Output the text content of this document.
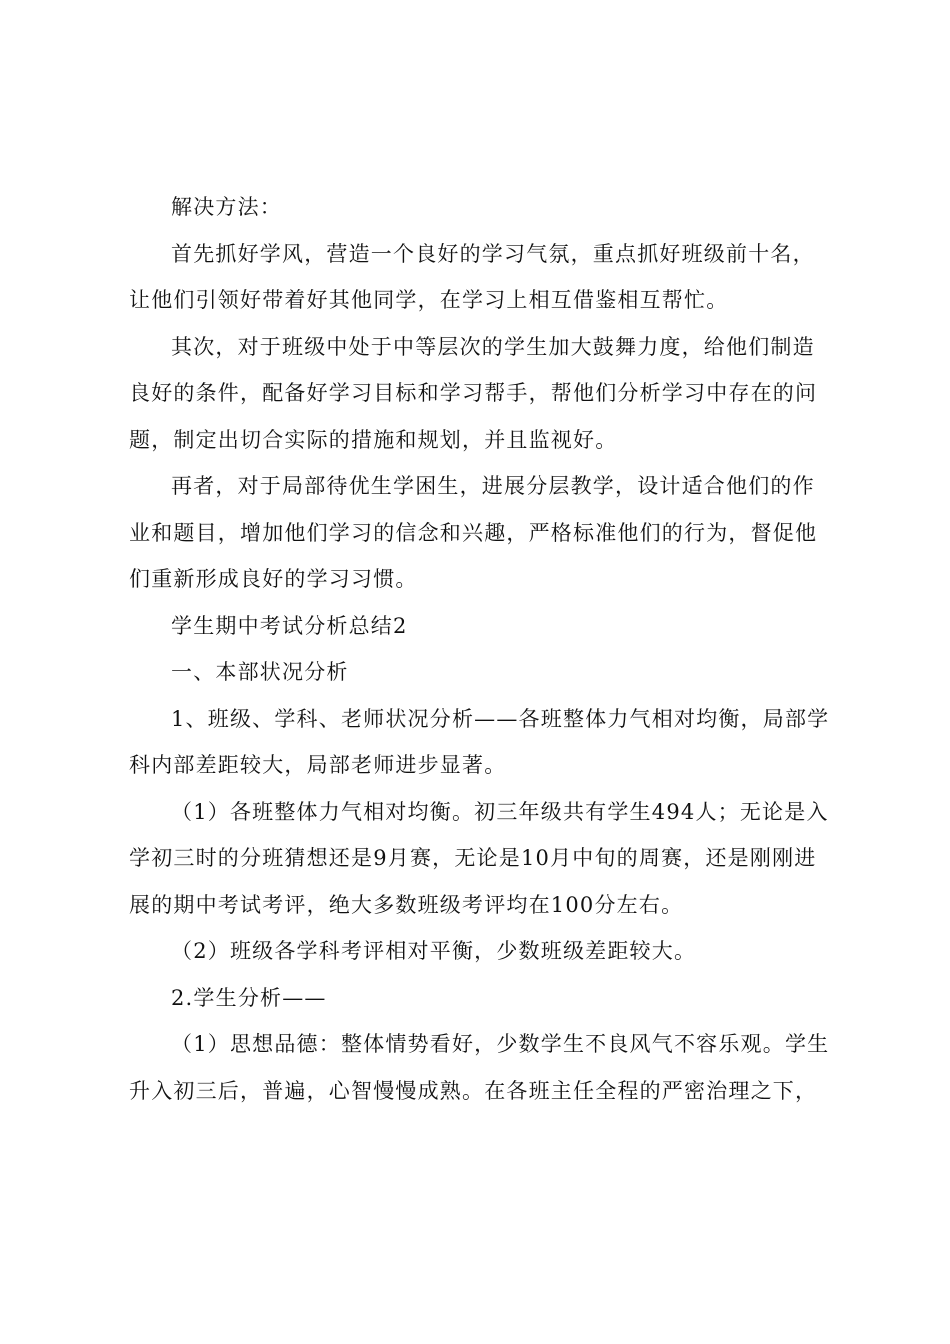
解决方法：

首先抓好学风，营造一个良好的学习气氛，重点抓好班级前十名，
让他们引领好带着好其他同学，在学习上相互借鉴相互帮忙。

其次，对于班级中处于中等层次的学生加大鼓舞力度，给他们制造
良好的条件，配备好学习目标和学习帮手，帮他们分析学习中存在的问
题，制定出切合实际的措施和规划，并且监视好。

再者，对于局部待优生学困生，进展分层教学，设计适合他们的作
业和题目，增加他们学习的信念和兴趣，严格标准他们的行为，督促他
们重新形成良好的学习习惯。

学生期中考试分析总结2

一、本部状况分析

1、班级、学科、老师状况分析——各班整体力气相对均衡，局部学
科内部差距较大，局部老师进步显著。

（1）各班整体力气相对均衡。初三年级共有学生494人；无论是入
学初三时的分班猜想还是9月赛，无论是10月中旬的周赛，还是刚刚进
展的期中考试考评，绝大多数班级考评均在100分左右。

（2）班级各学科考评相对平衡，少数班级差距较大。

2.学生分析——

（1）思想品德：整体情势看好，少数学生不良风气不容乐观。学生
升入初三后，普遍，心智慢慢成熟。在各班主任全程的严密治理之下，
